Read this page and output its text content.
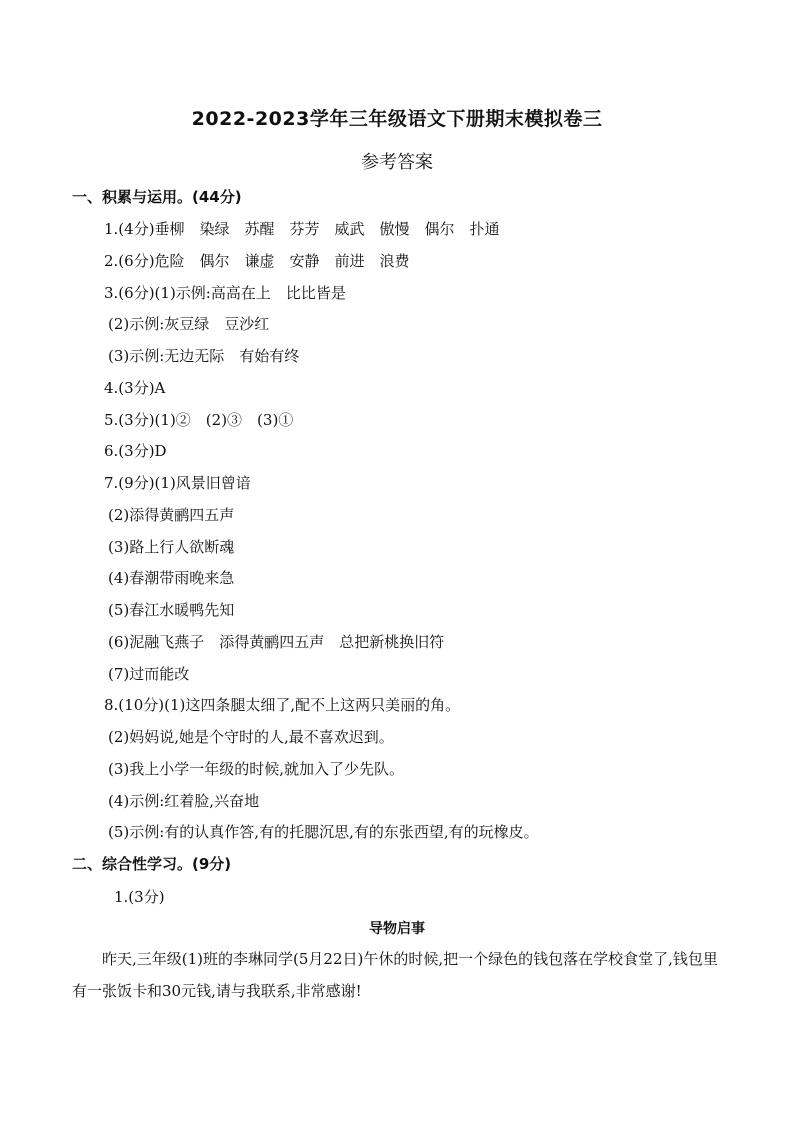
2022-2023学年三年级语文下册期末模拟卷三
参考答案
一、积累与运用。(44分)
1.(4分)垂柳　染绿　苏醒　芬芳　威武　傲慢　偶尔　扑通
2.(6分)危险　偶尔　谦虚　安静　前进　浪费
3.(6分)(1)示例:高高在上　比比皆是
(2)示例:灰豆绿　豆沙红
(3)示例:无边无际　有始有终
4.(3分)A
5.(3分)(1)②　(2)③　(3)①
6.(3分)D
7.(9分)(1)风景旧曾谙
(2)添得黄鹂四五声
(3)路上行人欲断魂
(4)春潮带雨晚来急
(5)春江水暖鸭先知
(6)泥融飞燕子　添得黄鹂四五声　总把新桃换旧符
(7)过而能改
8.(10分)(1)这四条腿太细了,配不上这两只美丽的角。
(2)妈妈说,她是个守时的人,最不喜欢迟到。
(3)我上小学一年级的时候,就加入了少先队。
(4)示例:红着脸,兴奋地
(5)示例:有的认真作答,有的托腮沉思,有的东张西望,有的玩橡皮。
二、综合性学习。(9分)
1.(3分)
导物启事
昨天,三年级(1)班的李琳同学(5月22日)午休的时候,把一个绿色的钱包落在学校食堂了,钱包里有一张饭卡和30元钱,请与我联系,非常感谢!
